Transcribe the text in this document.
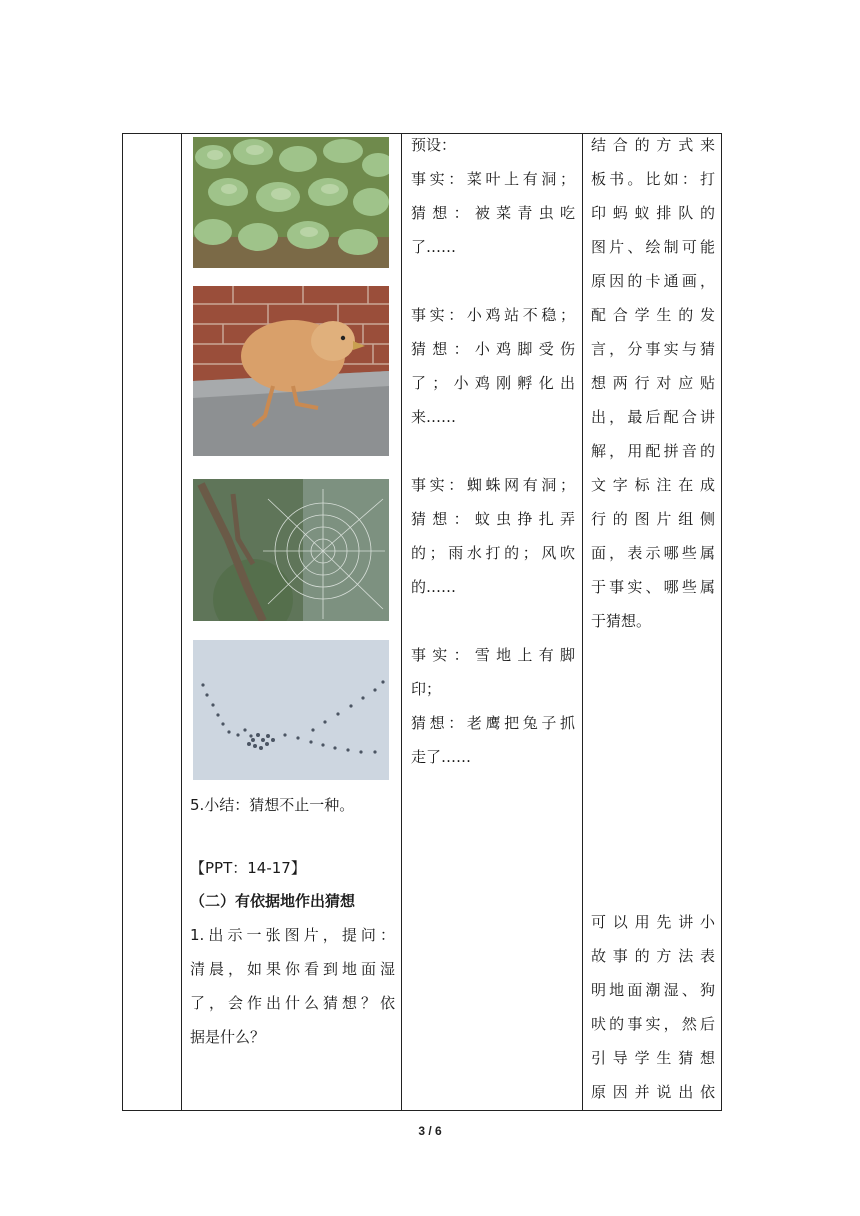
5.小结：猜想不止一种。
【PPT：14-17】
（二）有依据地作出猜想
1.出示一张图片，提问：
清晨，如果你看到地面湿
了，会作出什么猜想？依
据是什么？
预设：
事实：菜叶上有洞；
猜想：被菜青虫吃
了……

事实：小鸡站不稳；
猜想：小鸡脚受伤
了；小鸡刚孵化出
来……

事实：蜘蛛网有洞；
猜想：蚊虫挣扎弄
的；雨水打的；风吹
的……

事实：雪地上有脚
印；
猜想：老鹰把兔子抓
走了……
结合的方式来
板书。比如：打
印蚂蚁排队的
图片、绘制可能
原因的卡通画，
配合学生的发
言，分事实与猜
想两行对应贴
出，最后配合讲
解，用配拼音的
文字标注在成
行的图片组侧
面，表示哪些属
于事实、哪些属
于猜想。
可以用先讲小
故事的方法表
明地面潮湿、狗
吠的事实，然后
引导学生猜想
原因并说出依
3 / 6
